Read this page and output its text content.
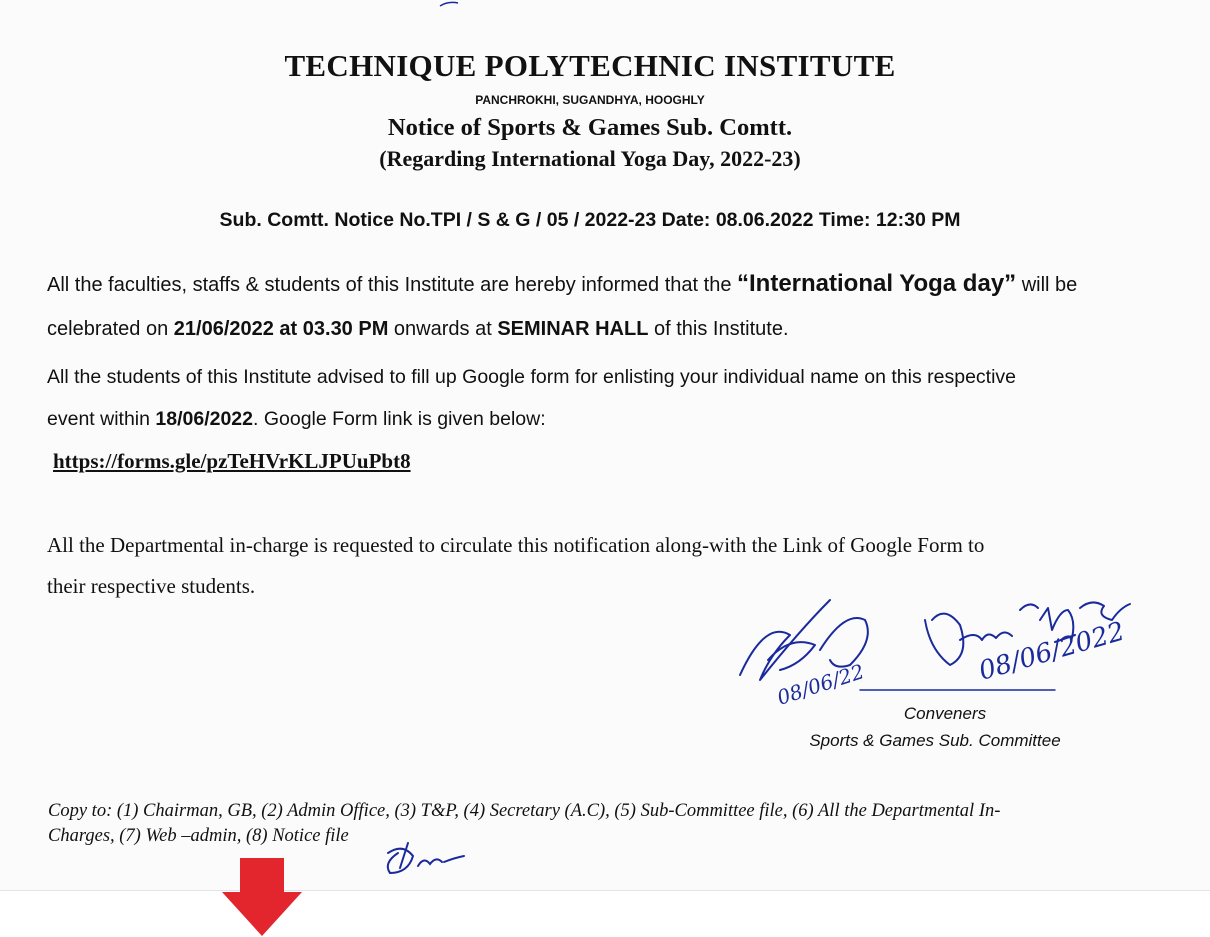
TECHNIQUE POLYTECHNIC INSTITUTE
PANCHROKHI, SUGANDHYA, HOOGHLY
Notice of Sports & Games Sub. Comtt.
(Regarding International Yoga Day, 2022-23)
Sub. Comtt. Notice No.TPI / S & G / 05 / 2022-23 Date: 08.06.2022 Time: 12:30 PM
All the faculties, staffs & students of this Institute are hereby informed that the “International Yoga day” will be
celebrated on 21/06/2022 at 03.30 PM onwards at SEMINAR HALL of this Institute.
All the students of this Institute advised to fill up Google form for enlisting your individual name on this respective
event within 18/06/2022. Google Form link is given below:
https://forms.gle/pzTeHVrKLJPUuPbt8
All the Departmental in-charge is requested to circulate this notification along-with the Link of Google Form to
their respective students.
08/06/22	08/06/2022
Conveners
Sports & Games Sub. Committee
Copy to: (1) Chairman, GB, (2) Admin Office, (3) T&P, (4) Secretary (A.C), (5) Sub-Committee file, (6) All the Departmental In-
Charges, (7) Web –admin, (8) Notice file
